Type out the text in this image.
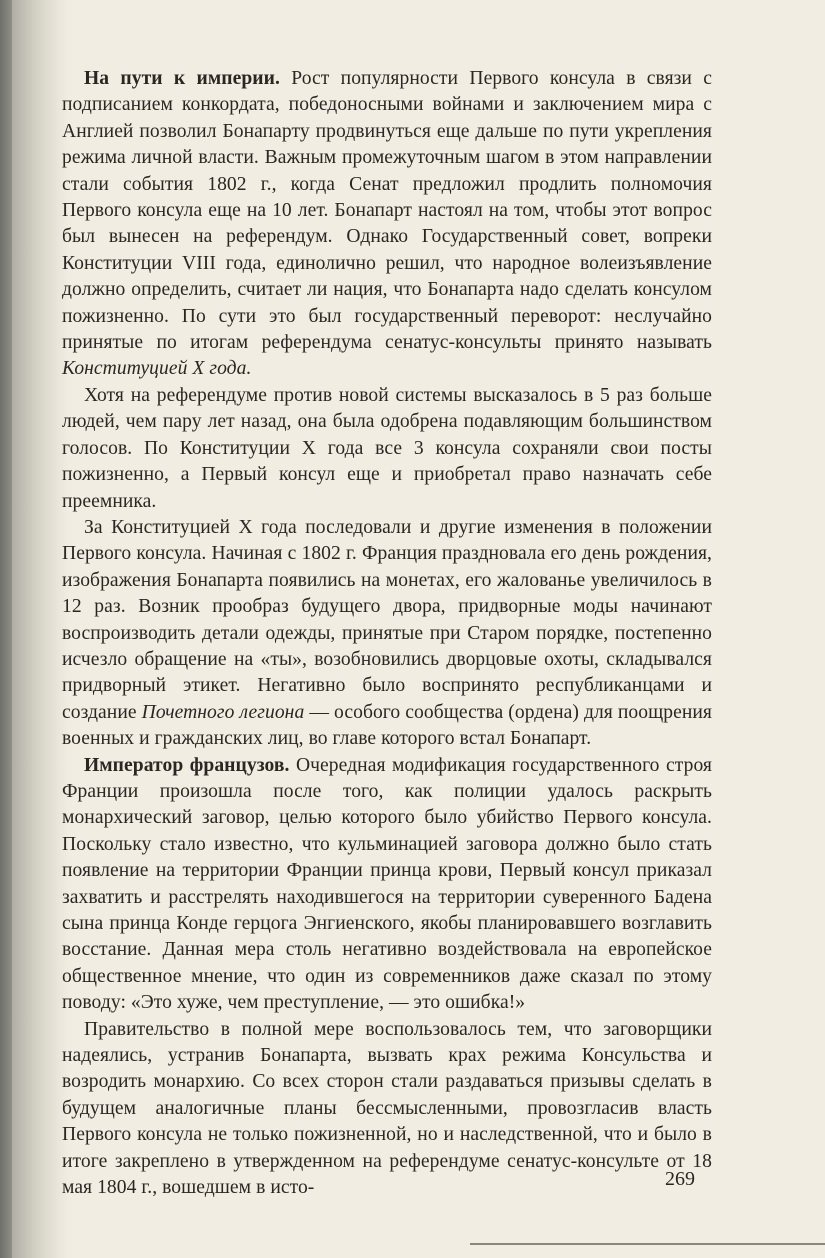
На пути к империи. Рост популярности Первого консула в связи с подписанием конкордата, победоносными войнами и заключением мира с Англией позволил Бонапарту продвинуться еще дальше по пути укрепления режима личной власти. Важным промежуточным шагом в этом направлении стали события 1802 г., когда Сенат предложил продлить полномочия Первого консула еще на 10 лет. Бонапарт настоял на том, чтобы этот вопрос был вынесен на референдум. Однако Государственный совет, вопреки Конституции VIII года, единолично решил, что народное волеизъявление должно определить, считает ли нация, что Бонапарта надо сделать консулом пожизненно. По сути это был государственный переворот: неслучайно принятые по итогам референдума сенатус-консульты принято называть Конституцией X года.

Хотя на референдуме против новой системы высказалось в 5 раз больше людей, чем пару лет назад, она была одобрена подавляющим большинством голосов. По Конституции X года все 3 консула сохраняли свои посты пожизненно, а Первый консул еще и приобретал право назначать себе преемника.

За Конституцией X года последовали и другие изменения в положении Первого консула. Начиная с 1802 г. Франция праздновала его день рождения, изображения Бонапарта появились на монетах, его жалованье увеличилось в 12 раз. Возник прообраз будущего двора, придворные моды начинают воспроизводить детали одежды, принятые при Старом порядке, постепенно исчезло обращение на «ты», возобновились дворцовые охоты, складывался придворный этикет. Негативно было воспринято республиканцами и создание Почетного легиона — особого сообщества (ордена) для поощрения военных и гражданских лиц, во главе которого встал Бонапарт.

Император французов. Очередная модификация государственного строя Франции произошла после того, как полиции удалось раскрыть монархический заговор, целью которого было убийство Первого консула. Поскольку стало известно, что кульминацией заговора должно было стать появление на территории Франции принца крови, Первый консул приказал захватить и расстрелять находившегося на территории суверенного Бадена сына принца Конде герцога Энгиенского, якобы планировавшего возглавить восстание. Данная мера столь негативно воздействовала на европейское общественное мнение, что один из современников даже сказал по этому поводу: «Это хуже, чем преступление, — это ошибка!»

Правительство в полной мере воспользовалось тем, что заговорщики надеялись, устранив Бонапарта, вызвать крах режима Консульства и возродить монархию. Со всех сторон стали раздаваться призывы сделать в будущем аналогичные планы бессмысленными, провозгласив власть Первого консула не только пожизненной, но и наследственной, что и было в итоге закреплено в утвержденном на референдуме сенатус-консульте от 18 мая 1804 г., вошедшем в исто-	269
